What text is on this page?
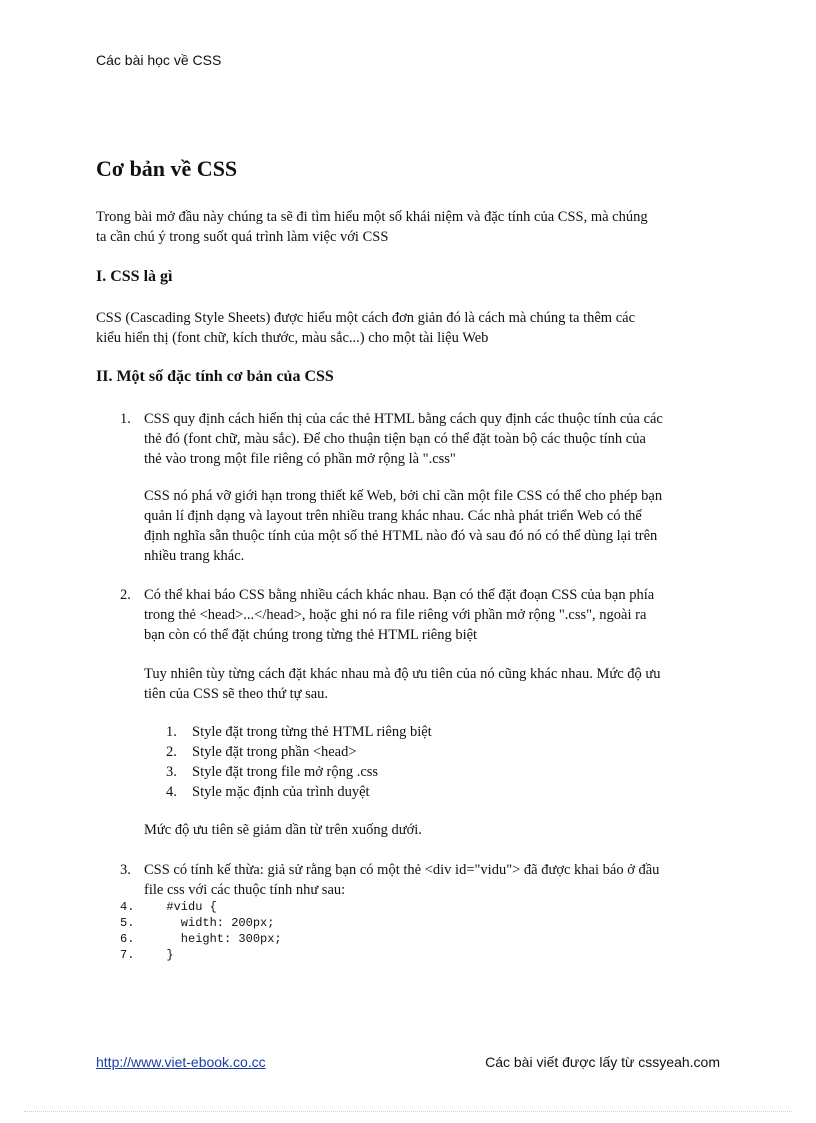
Các bài học về CSS
Cơ bản về CSS

Trong bài mở đầu này chúng ta sẽ đi tìm hiểu một số khái niệm và đặc tính của CSS, mà chúng

ta cần chú ý trong suốt quá trình làm việc với CSS

I. CSS là gì

CSS (Cascading Style Sheets) được hiểu một cách đơn giản đó là cách mà chúng ta thêm các

kiểu hiển thị (font chữ, kích thước, màu sắc...) cho một tài liệu Web

II. Một số đặc tính cơ bản của CSS
1. CSS quy định cách hiển thị của các thẻ HTML bằng cách quy định các thuộc tính của các

thẻ đó (font chữ, màu sắc). Để cho thuận tiện bạn có thể đặt toàn bộ các thuộc tính của

thẻ vào trong một file riêng có phần mở rộng là ".css"

CSS nó phá vỡ giới hạn trong thiết kế Web, bởi chỉ cần một file CSS có thể cho phép bạn

quản lí định dạng và layout trên nhiều trang khác nhau. Các nhà phát triển Web có thể

định nghĩa sẵn thuộc tính của một số thẻ HTML nào đó và sau đó nó có thể dùng lại trên

nhiều trang khác.

2. Có thể khai báo CSS bằng nhiều cách khác nhau. Bạn có thể đặt đoạn CSS của bạn phía

trong thẻ <head>...</head>, hoặc ghi nó ra file riêng với phần mở rộng ".css", ngoài ra

bạn còn có thể đặt chúng trong từng thẻ HTML riêng biệt

Tuy nhiên tùy từng cách đặt khác nhau mà độ ưu tiên của nó cũng khác nhau. Mức độ ưu

tiên của CSS sẽ theo thứ tự sau.

1.	Style đặt trong từng thẻ HTML riêng biệt
2.	Style đặt trong phần <head>
3.	Style đặt trong file mở rộng .css
4.	Style mặc định của trình duyệt

Mức độ ưu tiên sẽ giảm dần từ trên xuống dưới.

3. CSS có tính kế thừa: giả sử rằng bạn có một thẻ <div id="vidu"> đã được khai báo ở đầu

file css với các thuộc tính như sau:

4.	#vidu {
5.	width: 200px;
6.	height: 300px;
7.	}
http://www.viet-ebook.co.cc	Các bài viết được lấy từ cssyeah.com
